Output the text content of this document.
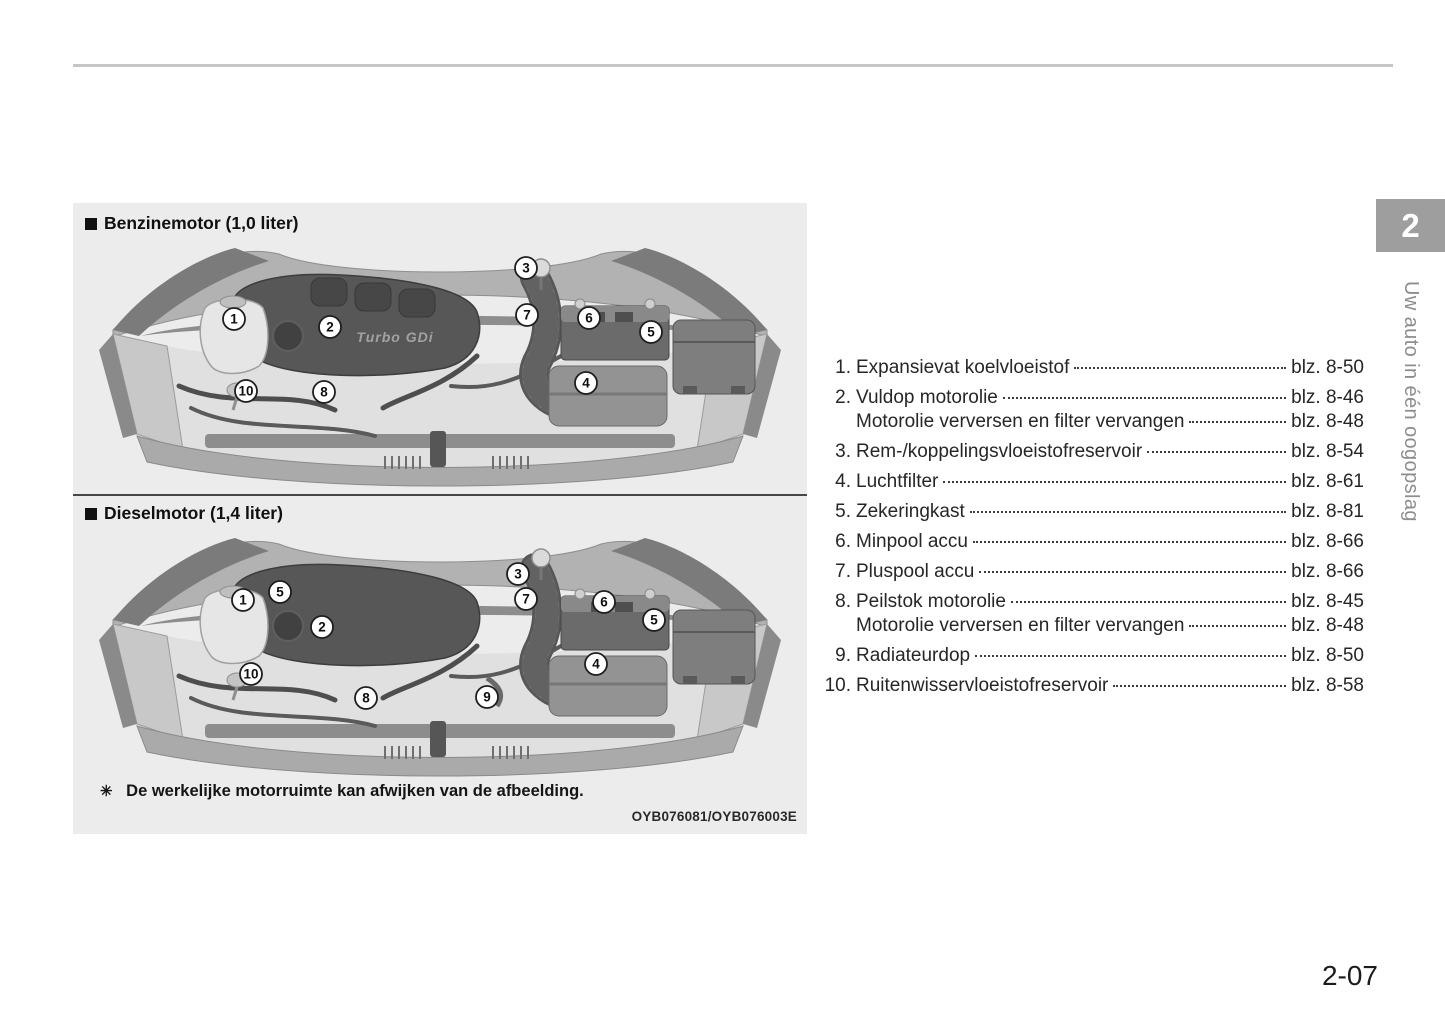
Benzinemotor (1,0 liter)
Turbo GDi
1
2
3
7	6
5
4
8
10
Dieselmotor (1,4 liter)
1
5
2
3
7	6
5
4
9
8
10
✳ De werkelijke motorruimte kan afwijken van de afbeelding.
OYB076081/OYB076003E
1. Expansievat koelvloeistof	blz. 8-50
2. Vuldop motorolie	blz. 8-46
Motorolie verversen en filter vervangen	blz. 8-48
3. Rem-/koppelingsvloeistofreservoir	blz. 8-54
4. Luchtfilter	blz. 8-61
5. Zekeringkast	blz. 8-81
6. Minpool accu	blz. 8-66
7. Pluspool accu	blz. 8-66
8. Peilstok motorolie	blz. 8-45
Motorolie verversen en filter vervangen	blz. 8-48
9. Radiateurdop	blz. 8-50
10. Ruitenwisservloeistofreservoir	blz. 8-58
2
Uw auto in één oogopslag
2-07
